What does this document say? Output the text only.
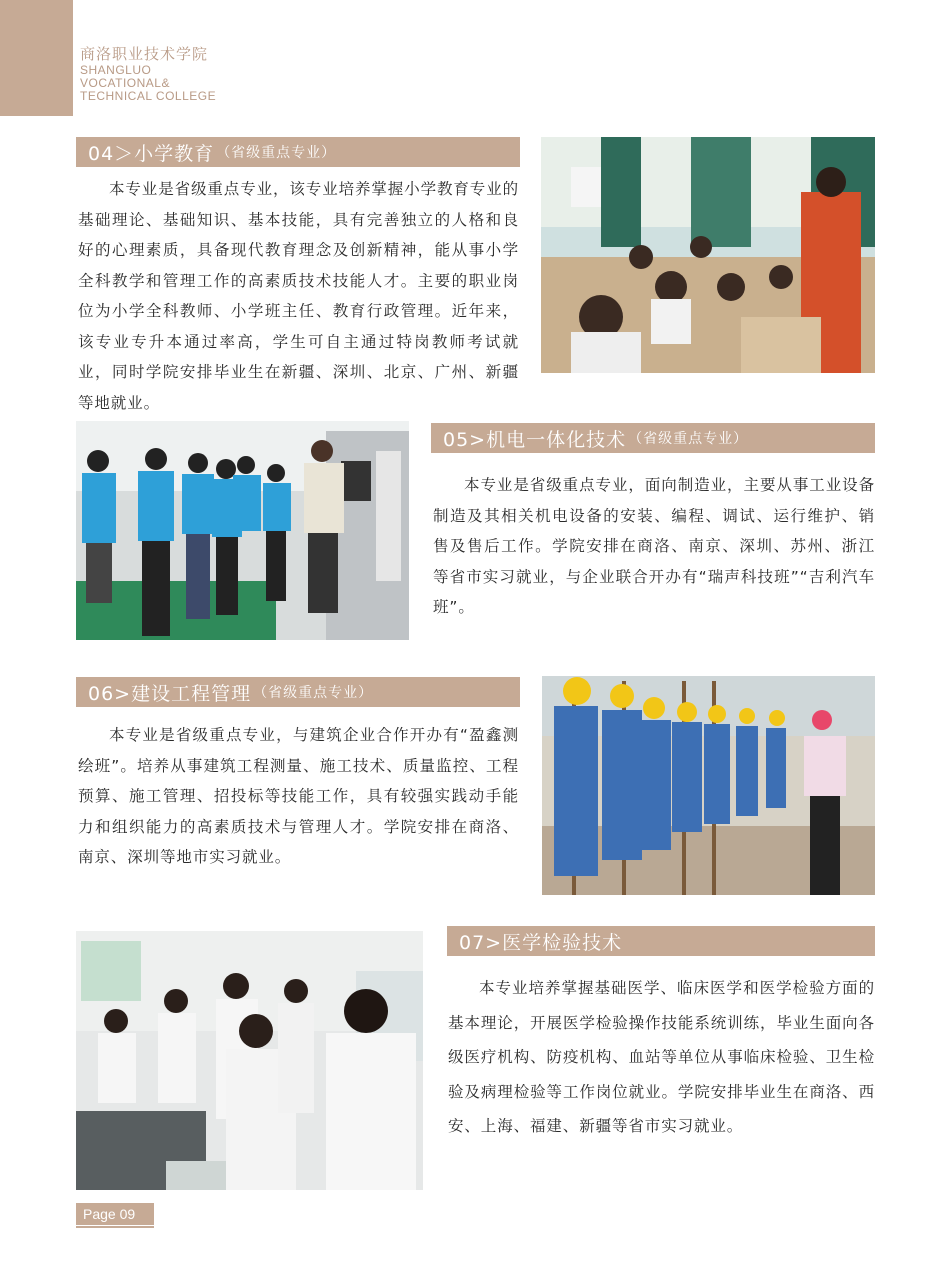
商洛职业技术学院
SHANGLUO
VOCATIONAL&
TECHNICAL COLLEGE
04＞小学教育 （省级重点专业）

本专业是省级重点专业，该专业培养掌握小学教育专业的基础理论、基础知识、基本技能，具有完善独立的人格和良好的心理素质，具备现代教育理念及创新精神，能从事小学全科教学和管理工作的高素质技术技能人才。主要的职业岗位为小学全科教师、小学班主任、教育行政管理。近年来，该专业专升本通过率高，学生可自主通过特岗教师考试就业，同时学院安排毕业生在新疆、深圳、北京、广州、新疆等地就业。

05>机电一体化技术 （省级重点专业）

本专业是省级重点专业，面向制造业，主要从事工业设备制造及其相关机电设备的安装、编程、调试、运行维护、销售及售后工作。学院安排在商洛、南京、深圳、苏州、浙江等省市实习就业，与企业联合开办有“瑞声科技班”“吉利汽车班”。

06>建设工程管理 （省级重点专业）

本专业是省级重点专业，与建筑企业合作开办有“盈鑫测绘班”。培养从事建筑工程测量、施工技术、质量监控、工程预算、施工管理、招投标等技能工作，具有较强实践动手能力和组织能力的高素质技术与管理人才。学院安排在商洛、南京、深圳等地市实习就业。

07>医学检验技术

本专业培养掌握基础医学、临床医学和医学检验方面的基本理论，开展医学检验操作技能系统训练，毕业生面向各级医疗机构、防疫机构、血站等单位从事临床检验、卫生检验及病理检验等工作岗位就业。学院安排毕业生在商洛、西安、上海、福建、新疆等省市实习就业。

Page 09
